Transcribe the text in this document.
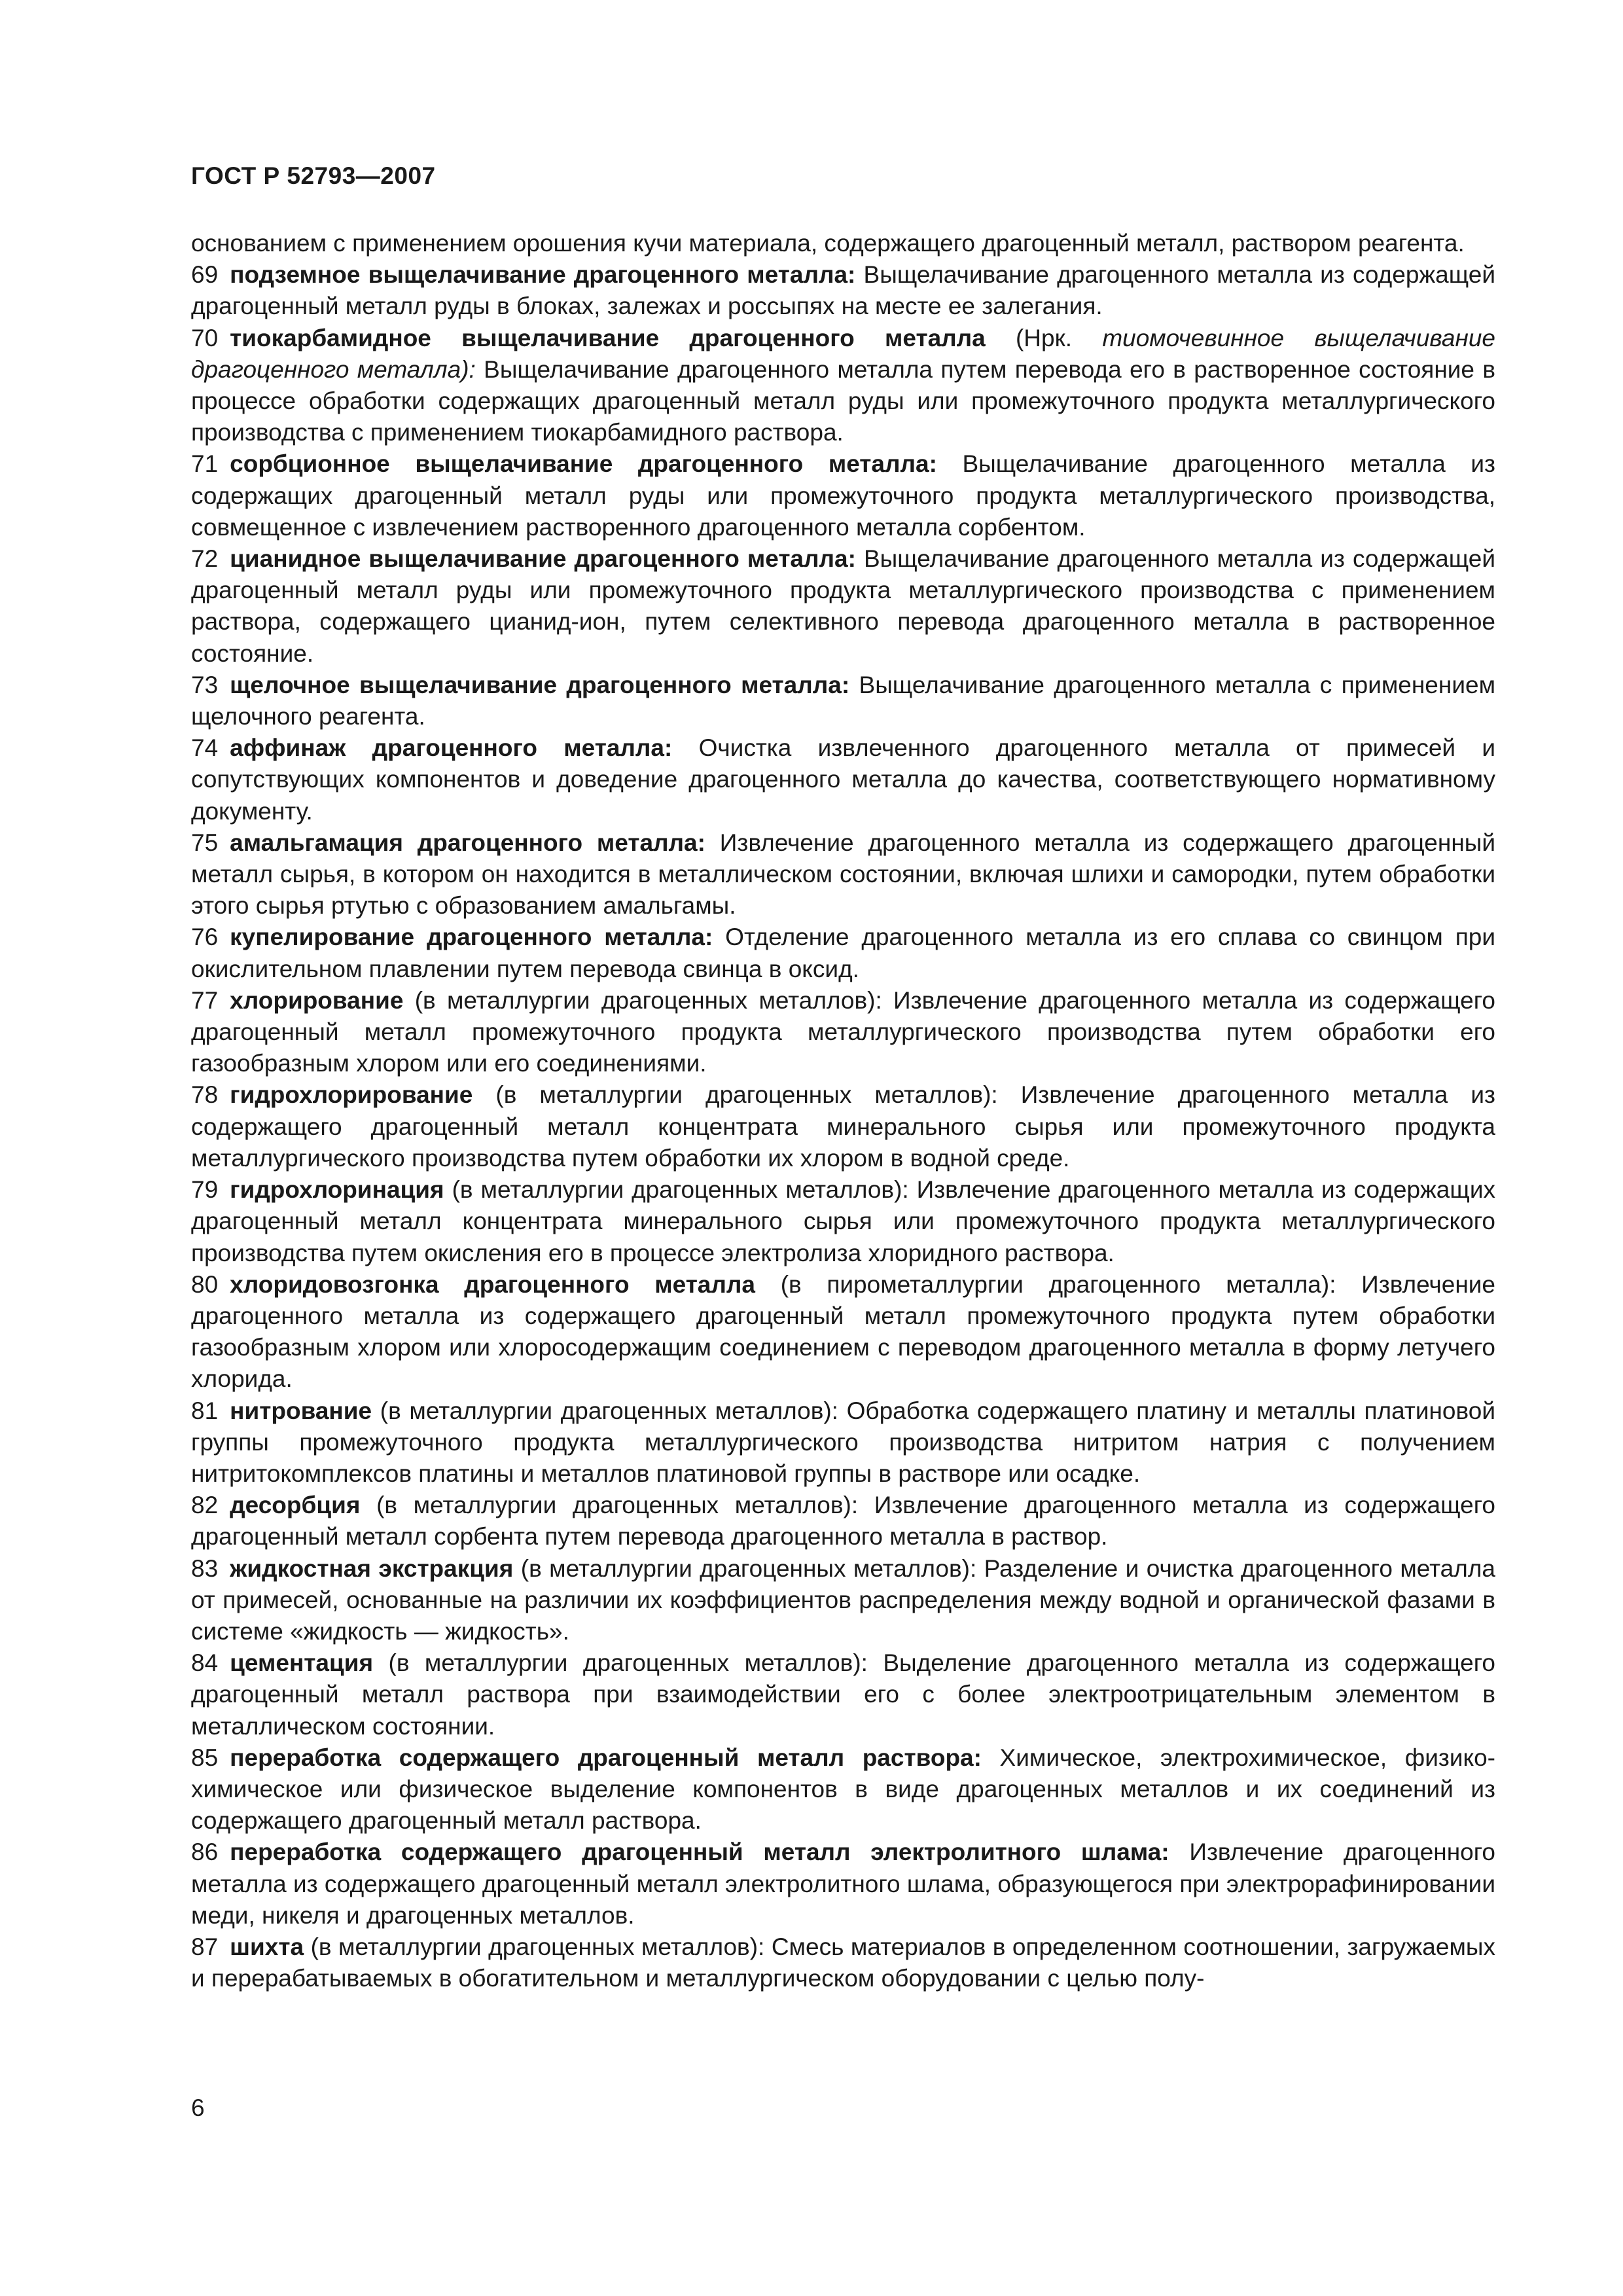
ГОСТ Р 52793—2007

основанием с применением орошения кучи материала, содержащего драгоценный металл, раствором реагента.

69 подземное выщелачивание драгоценного металла: Выщелачивание драгоценного металла из содержащей драгоценный металл руды в блоках, залежах и россыпях на месте ее залегания.

70 тиокарбамидное выщелачивание драгоценного металла (Нрк. тиомочевинное выщелачивание драгоценного металла): Выщелачивание драгоценного металла путем перевода его в растворенное состояние в процессе обработки содержащих драгоценный металл руды или промежуточного продукта металлургического производства с применением тиокарбамидного раствора.

71 сорбционное выщелачивание драгоценного металла: Выщелачивание драгоценного металла из содержащих драгоценный металл руды или промежуточного продукта металлургического производства, совмещенное с извлечением растворенного драгоценного металла сорбентом.

72 цианидное выщелачивание драгоценного металла: Выщелачивание драгоценного металла из содержащей драгоценный металл руды или промежуточного продукта металлургического производства с применением раствора, содержащего цианид-ион, путем селективного перевода драгоценного металла в растворенное состояние.

73 щелочное выщелачивание драгоценного металла: Выщелачивание драгоценного металла с применением щелочного реагента.

74 аффинаж драгоценного металла: Очистка извлеченного драгоценного металла от примесей и сопутствующих компонентов и доведение драгоценного металла до качества, соответствующего нормативному документу.

75 амальгамация драгоценного металла: Извлечение драгоценного металла из содержащего драгоценный металл сырья, в котором он находится в металлическом состоянии, включая шлихи и самородки, путем обработки этого сырья ртутью с образованием амальгамы.

76 купелирование драгоценного металла: Отделение драгоценного металла из его сплава со свинцом при окислительном плавлении путем перевода свинца в оксид.

77 хлорирование (в металлургии драгоценных металлов): Извлечение драгоценного металла из содержащего драгоценный металл промежуточного продукта металлургического производства путем обработки его газообразным хлором или его соединениями.

78 гидрохлорирование (в металлургии драгоценных металлов): Извлечение драгоценного металла из содержащего драгоценный металл концентрата минерального сырья или промежуточного продукта металлургического производства путем обработки их хлором в водной среде.

79 гидрохлоринация (в металлургии драгоценных металлов): Извлечение драгоценного металла из содержащих драгоценный металл концентрата минерального сырья или промежуточного продукта металлургического производства путем окисления его в процессе электролиза хлоридного раствора.

80 хлоридовозгонка драгоценного металла (в пирометаллургии драгоценного металла): Извлечение драгоценного металла из содержащего драгоценный металл промежуточного продукта путем обработки газообразным хлором или хлоросодержащим соединением с переводом драгоценного металла в форму летучего хлорида.

81 нитрование (в металлургии драгоценных металлов): Обработка содержащего платину и металлы платиновой группы промежуточного продукта металлургического производства нитритом натрия с получением нитритокомплексов платины и металлов платиновой группы в растворе или осадке.

82 десорбция (в металлургии драгоценных металлов): Извлечение драгоценного металла из содержащего драгоценный металл сорбента путем перевода драгоценного металла в раствор.

83 жидкостная экстракция (в металлургии драгоценных металлов): Разделение и очистка драгоценного металла от примесей, основанные на различии их коэффициентов распределения между водной и органической фазами в системе «жидкость — жидкость».

84 цементация (в металлургии драгоценных металлов): Выделение драгоценного металла из содержащего драгоценный металл раствора при взаимодействии его с более электроотрицательным элементом в металлическом состоянии.

85 переработка содержащего драгоценный металл раствора: Химическое, электрохимическое, физико-химическое или физическое выделение компонентов в виде драгоценных металлов и их соединений из содержащего драгоценный металл раствора.

86 переработка содержащего драгоценный металл электролитного шлама: Извлечение драгоценного металла из содержащего драгоценный металл электролитного шлама, образующегося при электрорафинировании меди, никеля и драгоценных металлов.

87 шихта (в металлургии драгоценных металлов): Смесь материалов в определенном соотношении, загружаемых и перерабатываемых в обогатительном и металлургическом оборудовании с целью полу-

6
